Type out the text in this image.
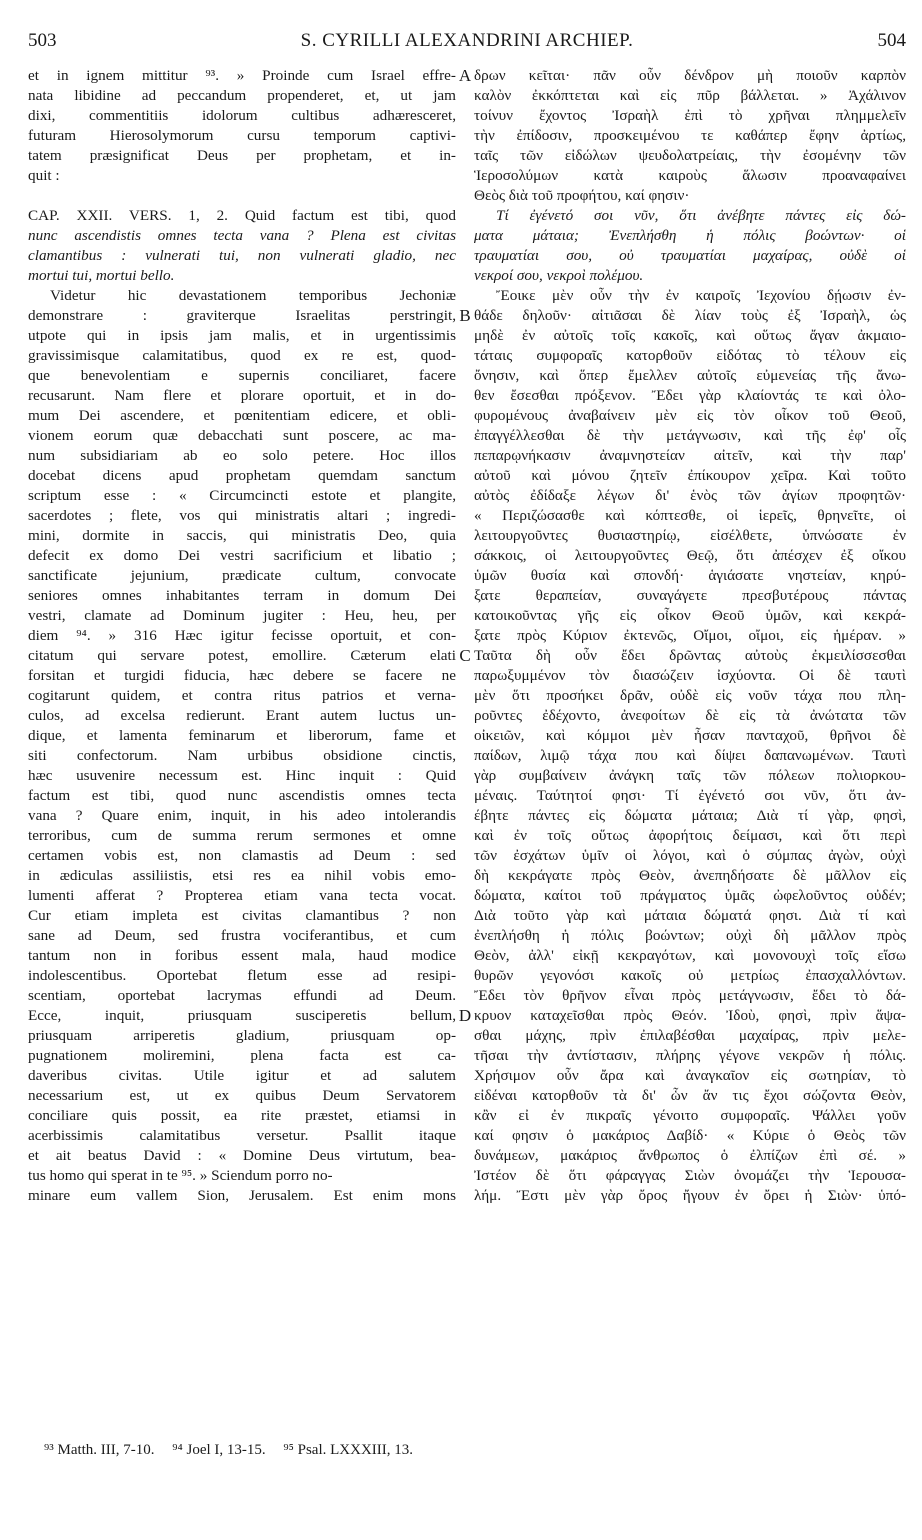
503	S. CYRILLI ALEXANDRINI ARCHIEP.	504
et in ignem mittitur ⁹³. » Proinde cum Israel effre-
nata libidine ad peccandum propenderet, et, ut jam
dixi, commentitiis idolorum cultibus adhæresceret,
futuram Hierosolymorum cursu temporum captivi-
tatem præsignificat Deus per prophetam, et in-
quit :
CAP. XXII. VERS. 1, 2. Quid factum est tibi, quod
nunc ascendistis omnes tecta vana ? Plena est civitas
clamantibus : vulnerati tui, non vulnerati gladio, nec
mortui tui, mortui bello.
Videtur hic devastationem temporibus Jechoniæ
demonstrare : graviterque Israelitas perstringit,
utpote qui in ipsis jam malis, et in urgentissimis
gravissimisque calamitatibus, quod ex re est, quod-
que benevolentiam e supernis conciliaret, facere
recusarunt. Nam flere et plorare oportuit, et in do-
mum Dei ascendere, et pœnitentiam edicere, et obli-
vionem eorum quæ debacchati sunt poscere, ac ma-
num subsidiariam ab eo solo petere. Hoc illos
docebat dicens apud prophetam quemdam sanctum
scriptum esse : « Circumcincti estote et plangite,
sacerdotes ; flete, vos qui ministratis altari ; ingredi-
mini, dormite in saccis, qui ministratis Deo, quia
defecit ex domo Dei vestri sacrificium et libatio ;
sanctificate jejunium, prædicate cultum, convocate
seniores omnes inhabitantes terram in domum Dei
vestri, clamate ad Dominum jugiter : Heu, heu, per
diem ⁹⁴. » 316 Hæc igitur fecisse oportuit, et con-
citatum qui servare potest, emollire. Cæterum elati
forsitan et turgidi fiducia, hæc debere se facere ne
cogitarunt quidem, et contra ritus patrios et verna-
culos, ad excelsa redierunt. Erant autem luctus un-
dique, et lamenta feminarum et liberorum, fame et
siti confectorum. Nam urbibus obsidione cinctis,
hæc usuvenire necessum est. Hinc inquit : Quid
factum est tibi, quod nunc ascendistis omnes tecta
vana ? Quare enim, inquit, in his adeo intolerandis
terroribus, cum de summa rerum sermones et omne
certamen vobis est, non clamastis ad Deum : sed
in ædiculas assiliistis, etsi res ea nihil vobis emo-
lumenti afferat ? Propterea etiam vana tecta vocat.
Cur etiam impleta est civitas clamantibus ? non
sane ad Deum, sed frustra vociferantibus, et cum
tantum non in foribus essent mala, haud modice
indolescentibus. Oportebat fletum esse ad resipi-
scentiam, oportebat lacrymas effundi ad Deum.
Ecce, inquit, priusquam susciperetis bellum,
priusquam arriperetis gladium, priusquam op-
pugnationem moliremini, plena facta est ca-
daveribus civitas. Utile igitur et ad salutem
necessarium est, ut ex quibus Deum Servatorem
conciliare quis possit, ea rite præstet, etiamsi in
acerbissimis calamitatibus versetur. Psallit itaque
et ait beatus David : « Domine Deus virtutum, bea-
tus homo qui sperat in te ⁹⁵. » Sciendum porro no-
minare eum vallem Sion, Jerusalem. Est enim mons
δρων κεῖται· πᾶν οὖν δένδρον μὴ ποιοῦν καρπὸν
καλὸν ἐκκόπτεται καὶ εἰς πῦρ βάλλεται. » Ἀχάλινον
τοίνυν ἔχοντος Ἰσραὴλ ἐπὶ τὸ χρῆναι πλημμελεῖν
τὴν ἐπίδοσιν, προσκειμένου τε καθάπερ ἔφην ἀρτίως,
ταῖς τῶν εἰδώλων ψευδολατρείαις, τὴν ἐσομένην τῶν
Ἱεροσολύμων κατὰ καιροὺς ἅλωσιν προαναφαίνει
Θεὸς διὰ τοῦ προφήτου, καί φησιν·
Τί ἐγένετό σοι νῦν, ὅτι ἀνέβητε πάντες εἰς δώ-
ματα μάταια; Ἐνεπλήσθη ἡ πόλις βοώντων· οἱ
τραυματίαι σου, οὐ τραυματίαι μαχαίρας, οὐδὲ οἱ
νεκροί σου, νεκροὶ πολέμου.
Ἔοικε μὲν οὖν τὴν ἐν καιροῖς Ἰεχονίου δῄωσιν ἐν-
θάδε δηλοῦν· αἰτιᾶσαι δὲ λίαν τοὺς ἐξ Ἰσραὴλ, ὡς
μηδὲ ἐν αὐτοῖς τοῖς κακοῖς, καὶ οὕτως ἄγαν ἀκμαιο-
τάταις συμφοραῖς κατορθοῦν εἰδότας τὸ τέλουν εἰς
ὄνησιν, καὶ ὅπερ ἔμελλεν αὐτοῖς εὐμενείας τῆς ἄνω-
θεν ἔσεσθαι πρόξενον. Ἔδει γὰρ κλαίοντάς τε καὶ ὀλο-
φυρομένους ἀναβαίνειν μὲν εἰς τὸν οἶκον τοῦ Θεοῦ,
ἐπαγγέλλεσθαι δὲ τὴν μετάγνωσιν, καὶ τῆς ἐφ' οἷς
πεπαρῳνήκασιν ἀναμνηστείαν αἰτεῖν, καὶ τὴν παρ'
αὐτοῦ καὶ μόνου ζητεῖν ἐπίκουρον χεῖρα. Καὶ τοῦτο
αὐτὸς ἐδίδαξε λέγων δι' ἑνὸς τῶν ἁγίων προφητῶν·
« Περιζώσασθε καὶ κόπτεσθε, οἱ ἱερεῖς, θρηνεῖτε, οἱ
λειτουργοῦντες θυσιαστηρίῳ, εἰσέλθετε, ὑπνώσατε ἐν
σάκκοις, οἱ λειτουργοῦντες Θεῷ, ὅτι ἀπέσχεν ἐξ οἴκου
ὑμῶν θυσία καὶ σπονδή· ἁγιάσατε νηστείαν, κηρύ-
ξατε θεραπείαν, συναγάγετε πρεσβυτέρους πάντας
κατοικοῦντας γῆς εἰς οἶκον Θεοῦ ὑμῶν, καὶ κεκρά-
ξατε πρὸς Κύριον ἐκτενῶς, Οἴμοι, οἴμοι, εἰς ἡμέραν. »
Ταῦτα δὴ οὖν ἔδει δρῶντας αὐτοὺς ἐκμειλίσσεσθαι
παρωξυμμένον τὸν διασώζειν ἰσχύοντα. Οἱ δὲ ταυτὶ
μὲν ὅτι προσήκει δρᾶν, οὐδὲ εἰς νοῦν τάχα που πλη-
ροῦντες ἐδέχοντο, ἀνεφοίτων δὲ εἰς τὰ ἀνώτατα τῶν
οἰκειῶν, καὶ κόμμοι μὲν ἦσαν πανταχοῦ, θρῆνοι δὲ
παίδων, λιμῷ τάχα που καὶ δίψει δαπανωμένων. Ταυτὶ
γὰρ συμβαίνειν ἀνάγκη ταῖς τῶν πόλεων πολιορκου-
μέναις. Ταύτητοί φησι· Τί ἐγένετό σοι νῦν, ὅτι ἀν-
έβητε πάντες εἰς δώματα μάταια; Διὰ τί γὰρ, φησὶ,
καὶ ἐν τοῖς οὕτως ἀφορήτοις δείμασι, καὶ ὅτι περὶ
τῶν ἐσχάτων ὑμῖν οἱ λόγοι, καὶ ὁ σύμπας ἀγὼν, οὐχὶ
δὴ κεκράγατε πρὸς Θεὸν, ἀνεπηδήσατε δὲ μᾶλλον εἰς
δώματα, καίτοι τοῦ πράγματος ὑμᾶς ὠφελοῦντος οὐδέν;
Διὰ τοῦτο γὰρ καὶ μάταια δώματά φησι. Διὰ τί καὶ
ἐνεπλήσθη ἡ πόλις βοώντων; οὐχὶ δὴ μᾶλλον πρὸς
Θεὸν, ἀλλ' εἰκῇ κεκραγότων, καὶ μονονουχὶ τοῖς εἴσω
θυρῶν γεγονόσι κακοῖς οὐ μετρίως ἐπασχαλλόντων.
Ἔδει τὸν θρῆνον εἶναι πρὸς μετάγνωσιν, ἔδει τὸ δά-
κρυον καταχεῖσθαι πρὸς Θεόν. Ἰδοὺ, φησὶ, πρὶν ἅψα-
σθαι μάχης, πρὶν ἐπιλαβέσθαι μαχαίρας, πρὶν μελε-
τῆσαι τὴν ἀντίστασιν, πλήρης γέγονε νεκρῶν ἡ πόλις.
Χρήσιμον οὖν ἄρα καὶ ἀναγκαῖον εἰς σωτηρίαν, τὸ
εἰδέναι κατορθοῦν τὰ δι' ὧν ἄν τις ἔχοι σώζοντα Θεὸν,
κἂν εἰ ἐν πικραῖς γένοιτο συμφοραῖς. Ψάλλει γοῦν
καί φησιν ὁ μακάριος Δαβίδ· « Κύριε ὁ Θεὸς τῶν
δυνάμεων, μακάριος ἄνθρωπος ὁ ἐλπίζων ἐπὶ σέ. »
Ἰστέον δὲ ὅτι φάραγγας Σιὼν ὀνομάζει τὴν Ἱερουσα-
λήμ. Ἔστι μὲν γὰρ ὄρος ἤγουν ἐν ὄρει ἡ Σιὼν· ὑπό-
A
B
C
D
⁹³ Matth. III, 7-10. ⁹⁴ Joel I, 13-15. ⁹⁵ Psal. LXXXIII, 13.
